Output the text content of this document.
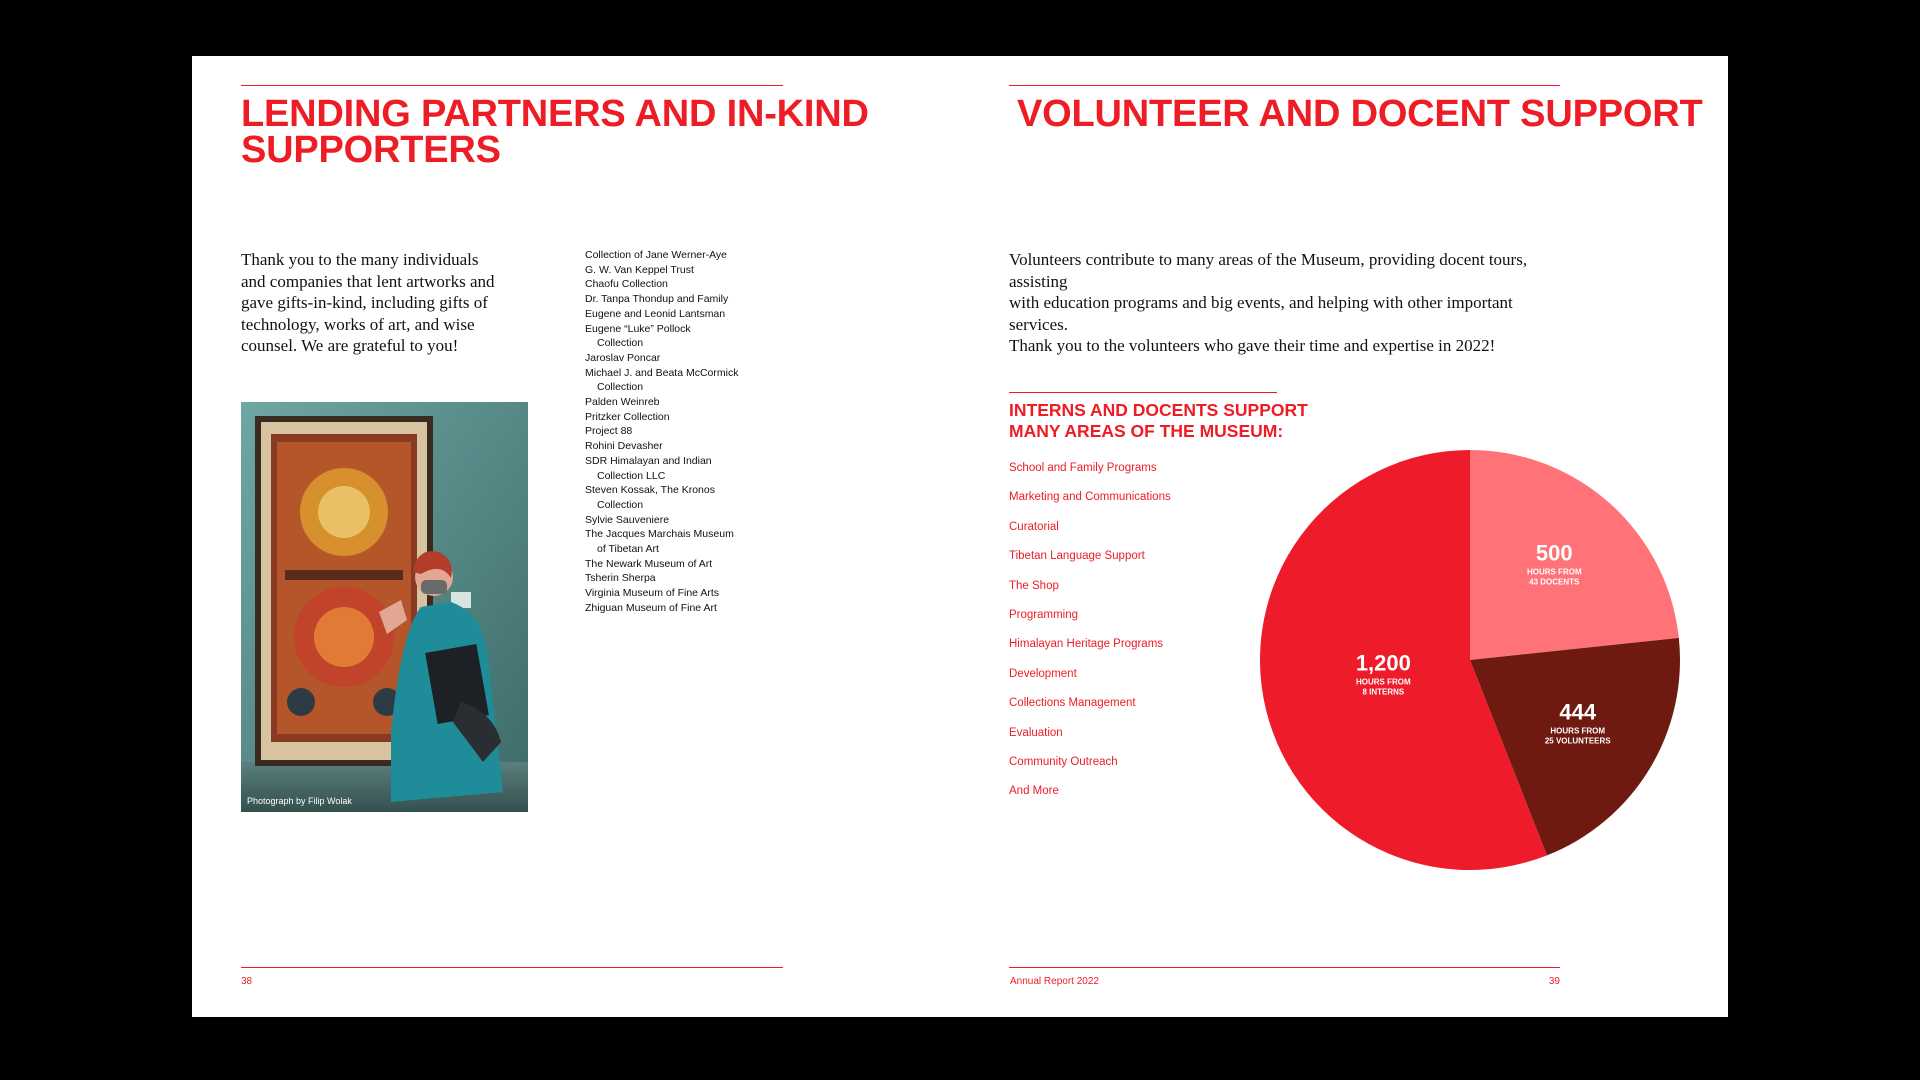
LENDING PARTNERS AND IN-KIND
SUPPORTERS

Thank you to the many individuals
and companies that lent artworks and
gave gifts-in-kind, including gifts of
technology, works of art, and wise
counsel. We are grateful to you!

Collection of Jane Werner-Aye
G. W. Van Keppel Trust
Chaofu Collection
Dr. Tanpa Thondup and Family
Eugene and Leonid Lantsman
Eugene “Luke” Pollock
Collection
Jaroslav Poncar
Michael J. and Beata McCormick
Collection
Palden Weinreb
Pritzker Collection
Project 88
Rohini Devasher
SDR Himalayan and Indian
Collection LLC
Steven Kossak, The Kronos
Collection
Sylvie Sauveniere
The Jacques Marchais Museum
of Tibetan Art
The Newark Museum of Art
Tsherin Sherpa
Virginia Museum of Fine Arts
Zhiguan Museum of Fine Art
Photograph by Filip Wolak
38
VOLUNTEER AND DOCENT SUPPORT

Volunteers contribute to many areas of the Museum, providing docent tours, assisting
with education programs and big events, and helping with other important services.
Thank you to the volunteers who gave their time and expertise in 2022!

INTERNS AND DOCENTS SUPPORT
MANY AREAS OF THE MUSEUM:
School and Family Programs
Marketing and Communications
Curatorial
Tibetan Language Support
The Shop
Programming
Himalayan Heritage Programs
Development
Collections Management
Evaluation
Community Outreach
And More
500
HOURS FROM
43 DOCENTS
444
HOURS FROM
25 VOLUNTEERS
1,200
HOURS FROM
8 INTERNS
Annual Report 2022	39
